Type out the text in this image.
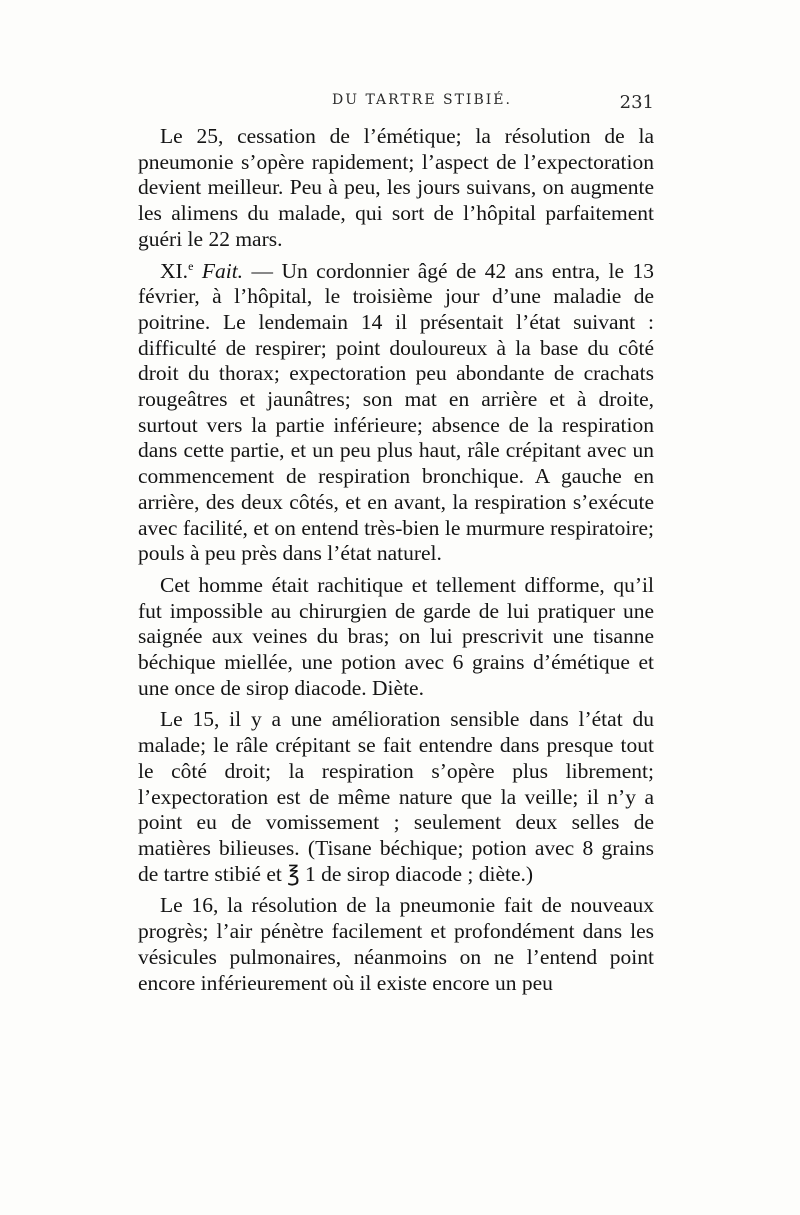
DU TARTRE STIBIÉ.	231

Le 25, cessation de l’émétique; la résolution de la pneumonie s’opère rapidement; l’aspect de l’expectoration devient meilleur. Peu à peu, les jours suivans, on augmente les alimens du malade, qui sort de l’hôpital parfaitement guéri le 22 mars.

XI.$^e$ Fait. — Un cordonnier âgé de 42 ans entra, le 13 février, à l’hôpital, le troisième jour d’une maladie de poitrine. Le lendemain 14 il présentait l’état suivant : difficulté de respirer; point douloureux à la base du côté droit du thorax; expectoration peu abondante de crachats rougeâtres et jaunâtres; son mat en arrière et à droite, surtout vers la partie inférieure; absence de la respiration dans cette partie, et un peu plus haut, râle crépitant avec un commencement de respiration bronchique. A gauche en arrière, des deux côtés, et en avant, la respiration s’exécute avec facilité, et on entend très-bien le murmure respiratoire; pouls à peu près dans l’état naturel.

Cet homme était rachitique et tellement difforme, qu’il fut impossible au chirurgien de garde de lui pratiquer une saignée aux veines du bras; on lui prescrivit une tisanne béchique miellée, une potion avec 6 grains d’émétique et une once de sirop diacode. Diète.

Le 15, il y a une amélioration sensible dans l’état du malade; le râle crépitant se fait entendre dans presque tout le côté droit; la respiration s’opère plus librement; l’expectoration est de même nature que la veille; il n’y a point eu de vomissement ; seulement deux selles de matières bilieuses. (Tisane béchique; potion avec 8 grains de tartre stibié et ℥ 1 de sirop diacode ; diète.)

Le 16, la résolution de la pneumonie fait de nouveaux progrès; l’air pénètre facilement et profondément dans les vésicules pulmonaires, néanmoins on ne l’entend point encore inférieurement où il existe encore un peu
